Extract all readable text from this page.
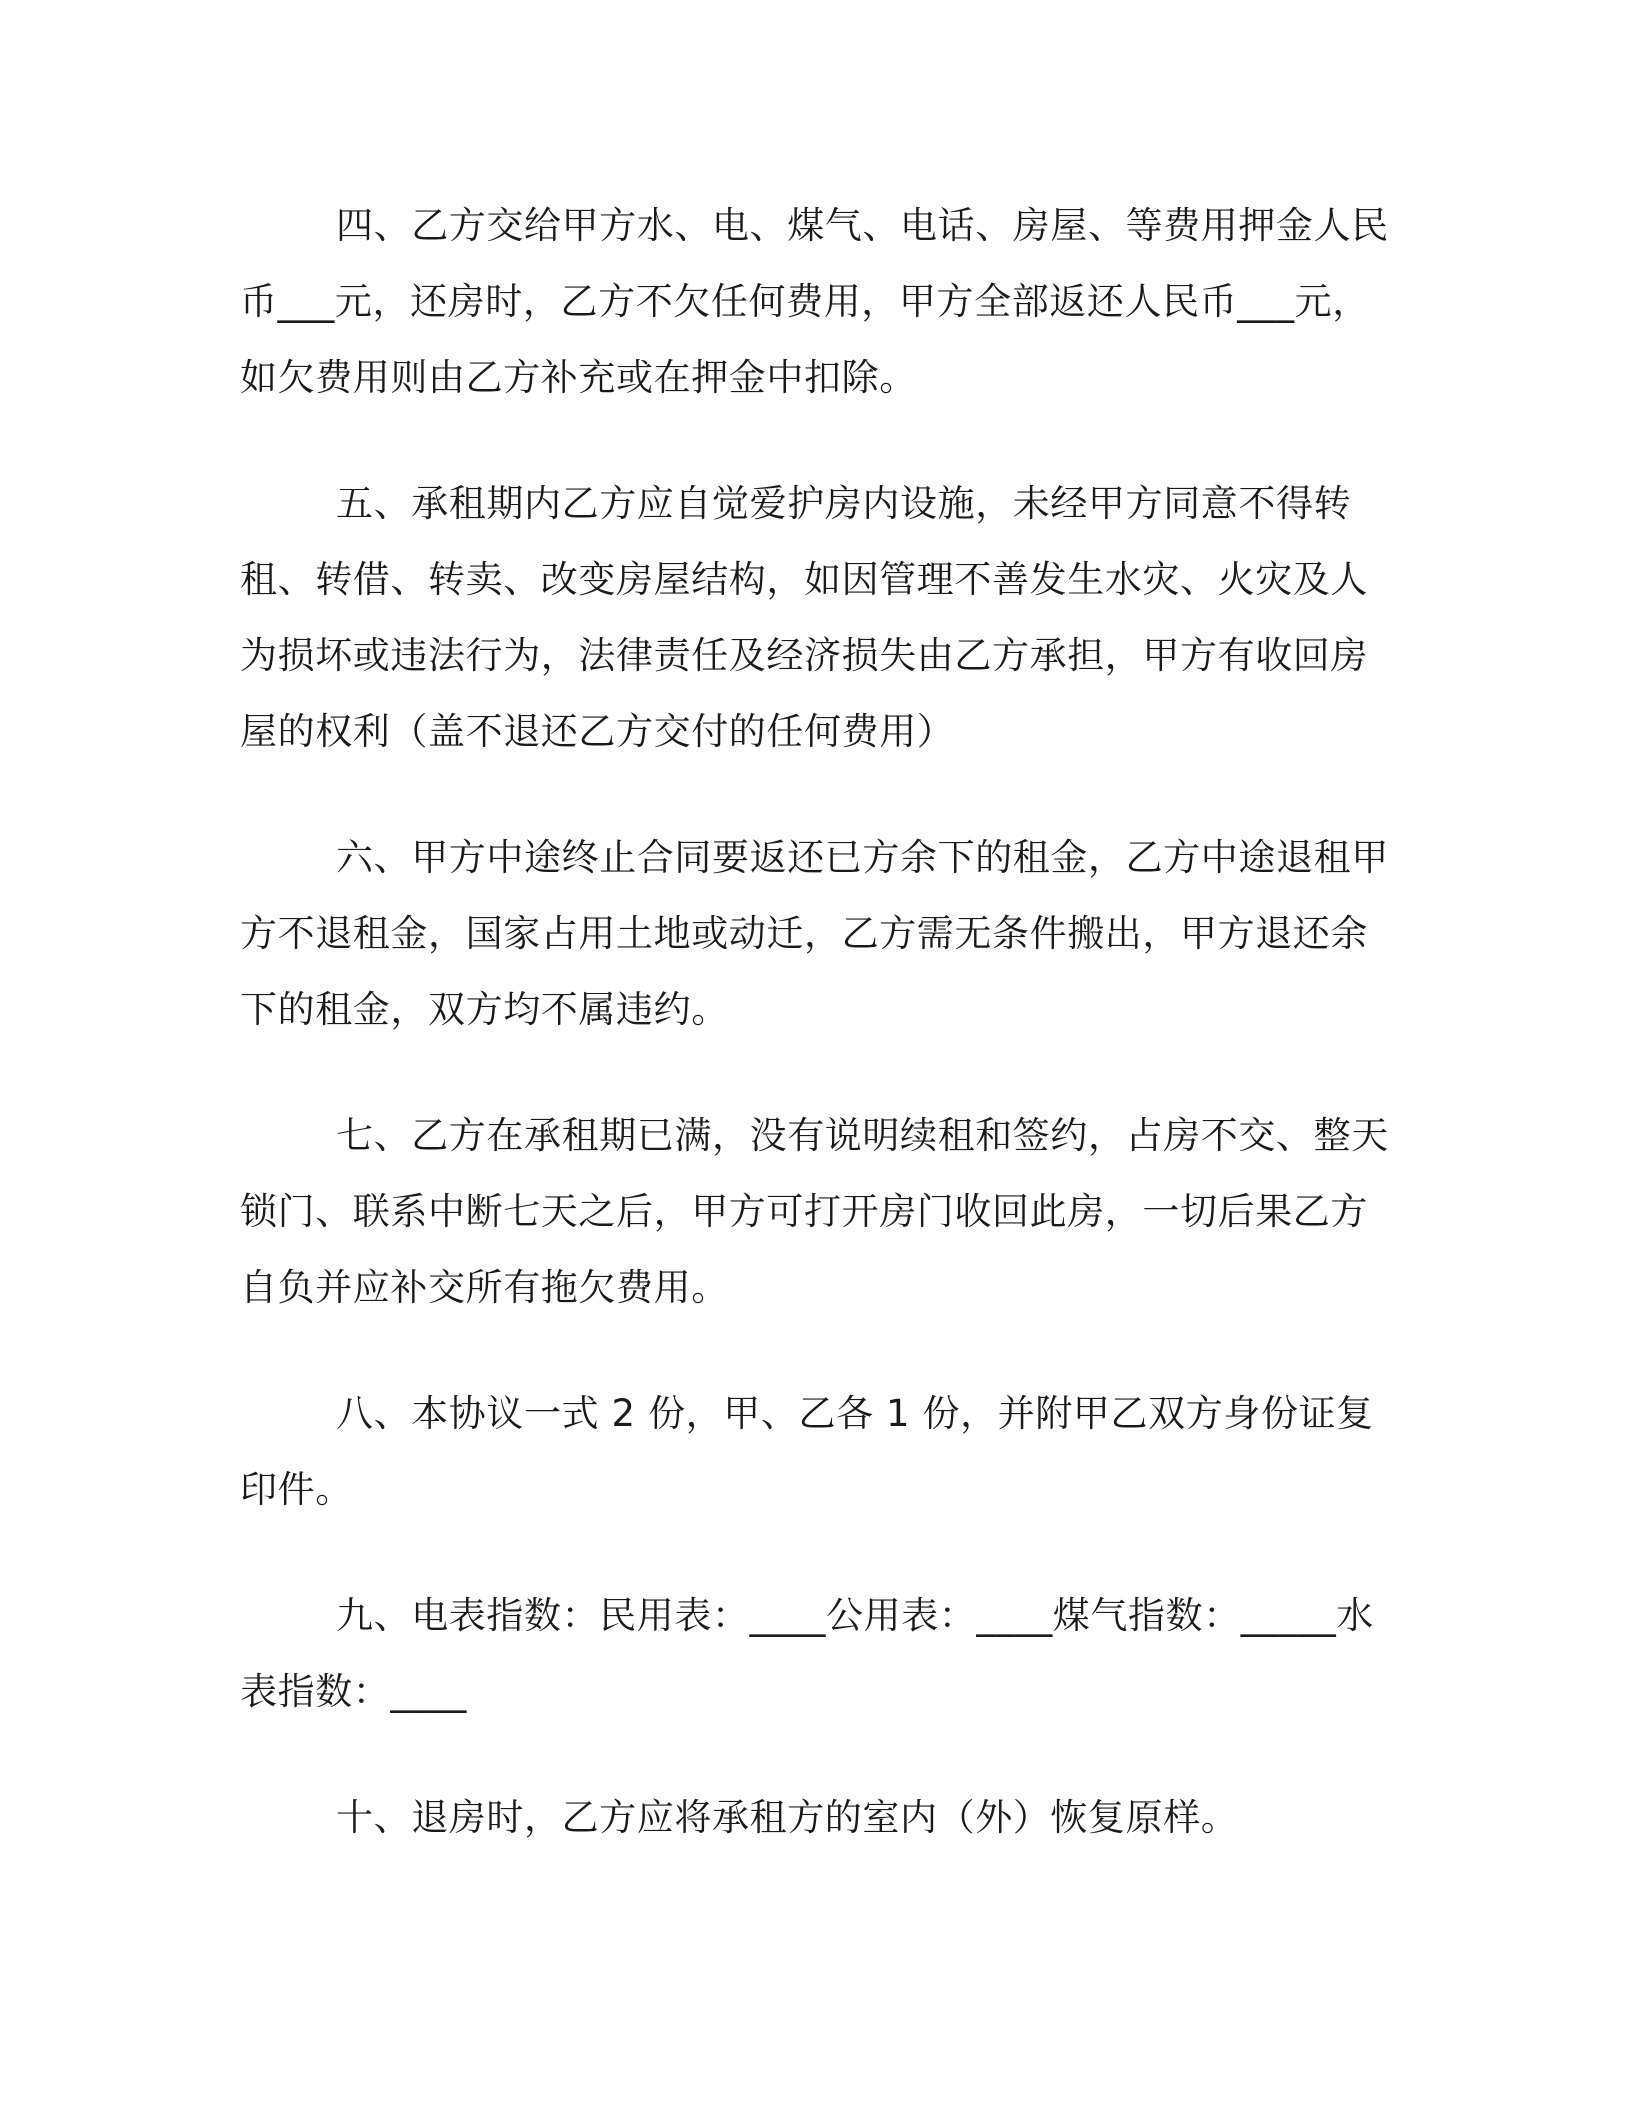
四、乙方交给甲方水、电、煤气、电话、房屋、等费用押金人民币___元，还房时，乙方不欠任何费用，甲方全部返还人民币___元，如欠费用则由乙方补充或在押金中扣除。

五、承租期内乙方应自觉爱护房内设施，未经甲方同意不得转租、转借、转卖、改变房屋结构，如因管理不善发生水灾、火灾及人为损坏或违法行为，法律责任及经济损失由乙方承担，甲方有收回房屋的权利（盖不退还乙方交付的任何费用）

六、甲方中途终止合同要返还已方余下的租金，乙方中途退租甲方不退租金，国家占用土地或动迁，乙方需无条件搬出，甲方退还余下的租金，双方均不属违约。

七、乙方在承租期已满，没有说明续租和签约，占房不交、整天锁门、联系中断七天之后，甲方可打开房门收回此房，一切后果乙方自负并应补交所有拖欠费用。

八、本协议一式 2 份，甲、乙各 1 份，并附甲乙双方身份证复印件。

九、电表指数：民用表：____公用表：____煤气指数：_____水表指数：____

十、退房时，乙方应将承租方的室内（外）恢复原样。
